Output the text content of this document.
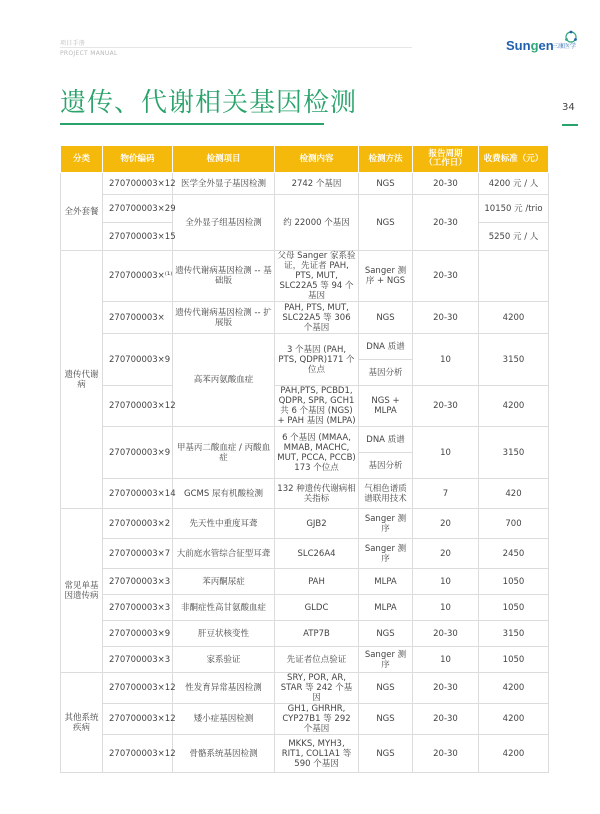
项目手册
PROJECT MANUAL
Sungen
三康医学
遗传、代谢相关基因检测	34
分类	物价编码	检测项目	检测内容	检测方法	报告周期
（工作日）	收费标准（元）
全外套餐	270700003×12	医学全外显子基因检测	2742 个基因	NGS	20-30	4200 元 / 人
	270700003×29	全外显子组基因检测	约 22000 个基因	NGS	20-30	10150 元 /trio
	270700003×15					5250 元 / 人
遗传代谢病	270700003×⁽¹⁾	遗传代谢病基因检测 -- 基础版	父母 Sanger 家系验证，先证者 PAH, PTS, MUT, SLC22A5 等 94 个基因	Sanger 测序 + NGS	20-30	
	270700003×	遗传代谢病基因检测 -- 扩展版	PAH, PTS, MUT, SLC22A5 等 306 个基因	NGS	20-30	4200
	270700003×9	高苯丙氨酸血症	3 个基因 (PAH, PTS, QDPR)171 个位点	DNA 质谱	10	3150
				基因分析		
	270700003×12		PAH,PTS, PCBD1, QDPR, SPR, GCH1 共 6 个基因 (NGS) + PAH 基因 (MLPA)	NGS + MLPA	20-30	4200
	270700003×9	甲基丙二酸血症 / 丙酸血症	6 个基因 (MMAA, MMAB, MACHC, MUT, PCCA, PCCB) 173 个位点	DNA 质谱	10	3150
				基因分析		
	270700003×14	GCMS 尿有机酸检测	132 种遗传代谢病相关指标	气相色谱质谱联用技术	7	420
常见单基因遗传病	270700003×2	先天性中重度耳聋	GJB2	Sanger 测序	20	700
	270700003×7	大前庭水管综合征型耳聋	SLC26A4	Sanger 测序	20	2450
	270700003×3	苯丙酮尿症	PAH	MLPA	10	1050
	270700003×3	非酮症性高甘氨酸血症	GLDC	MLPA	10	1050
	270700003×9	肝豆状核变性	ATP7B	NGS	20-30	3150
	270700003×3	家系验证	先证者位点验证	Sanger 测序	10	1050
其他系统疾病	270700003×12	性发育异常基因检测	SRY, POR, AR, STAR 等 242 个基因	NGS	20-30	4200
	270700003×12	矮小症基因检测	GH1, GHRHR, CYP27B1 等 292 个基因	NGS	20-30	4200
	270700003×12	骨骼系统基因检测	MKKS, MYH3, RIT1, COL1A1 等 590 个基因	NGS	20-30	4200
